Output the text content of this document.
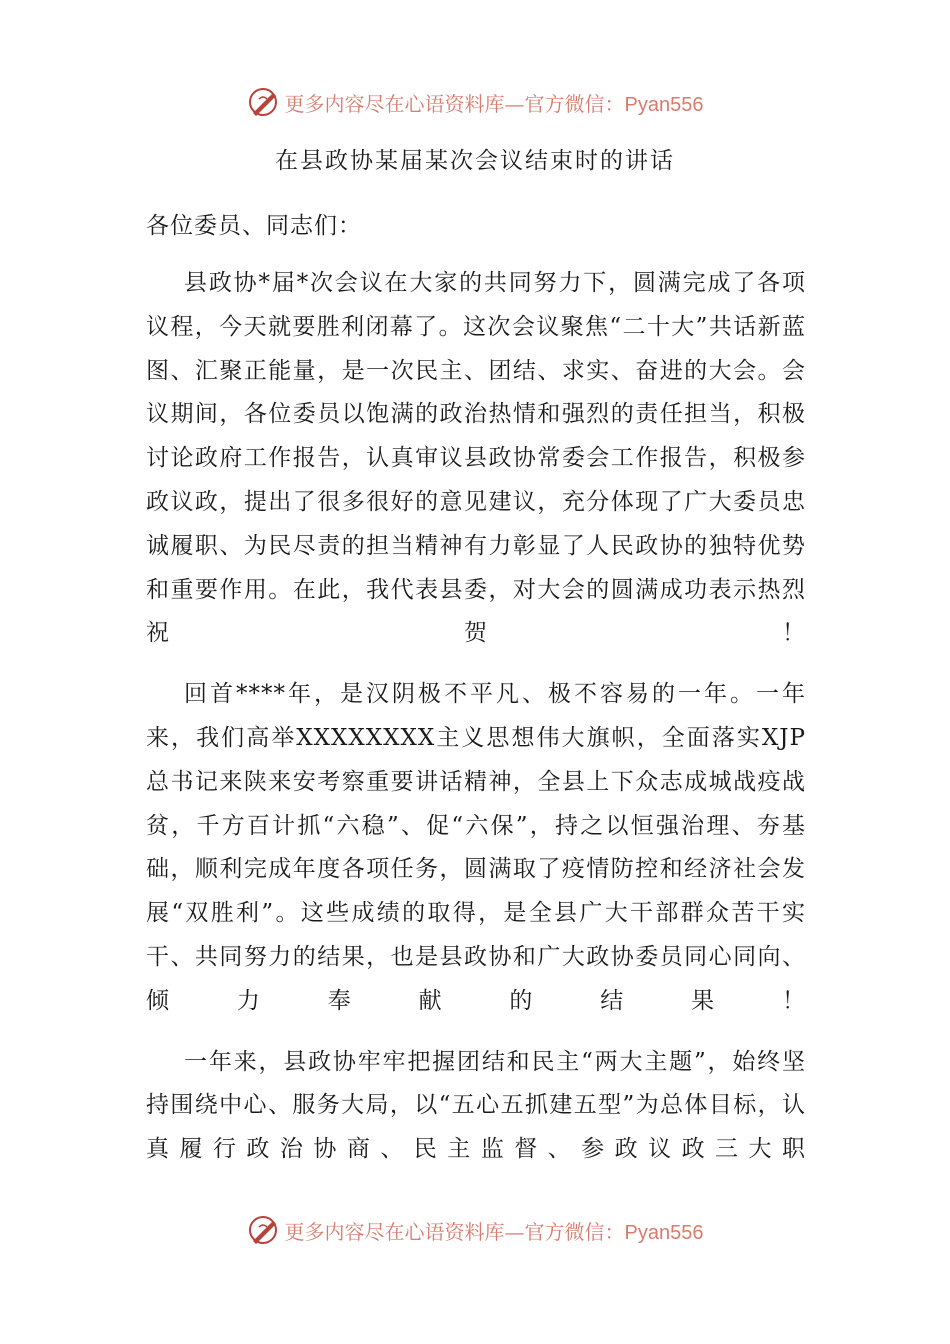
更多内容尽在心语资料库—官方微信：Pyan556
在县政协某届某次会议结束时的讲话

各位委员、同志们：

县政协*届*次会议在大家的共同努力下，圆满完成了各项议程，今天就要胜利闭幕了。这次会议聚焦“二十大”共话新蓝图、汇聚正能量，是一次民主、团结、求实、奋进的大会。会议期间，各位委员以饱满的政治热情和强烈的责任担当，积极讨论政府工作报告，认真审议县政协常委会工作报告，积极参政议政，提出了很多很好的意见建议，充分体现了广大委员忠诚履职、为民尽责的担当精神有力彰显了人民政协的独特优势和重要作用。在此，我代表县委，对大会的圆满成功表示热烈祝贺！

回首****年，是汉阴极不平凡、极不容易的一年。一年来，我们高举XXXXXXXX主义思想伟大旗帜，全面落实XJP总书记来陕来安考察重要讲话精神，全县上下众志成城战疫战贫，千方百计抓“六稳”、促“六保”，持之以恒强治理、夯基础，顺利完成年度各项任务，圆满取了疫情防控和经济社会发展“双胜利”。这些成绩的取得，是全县广大干部群众苦干实干、共同努力的结果，也是县政协和广大政协委员同心同向、倾力奉献的结果！

一年来，县政协牢牢把握团结和民主“两大主题”，始终坚持围绕中心、服务大局，以“五心五抓建五型”为总体目标，认真履行政治协商、民主监督、参政议政三大职

更多内容尽在心语资料库—官方微信：Pyan556
